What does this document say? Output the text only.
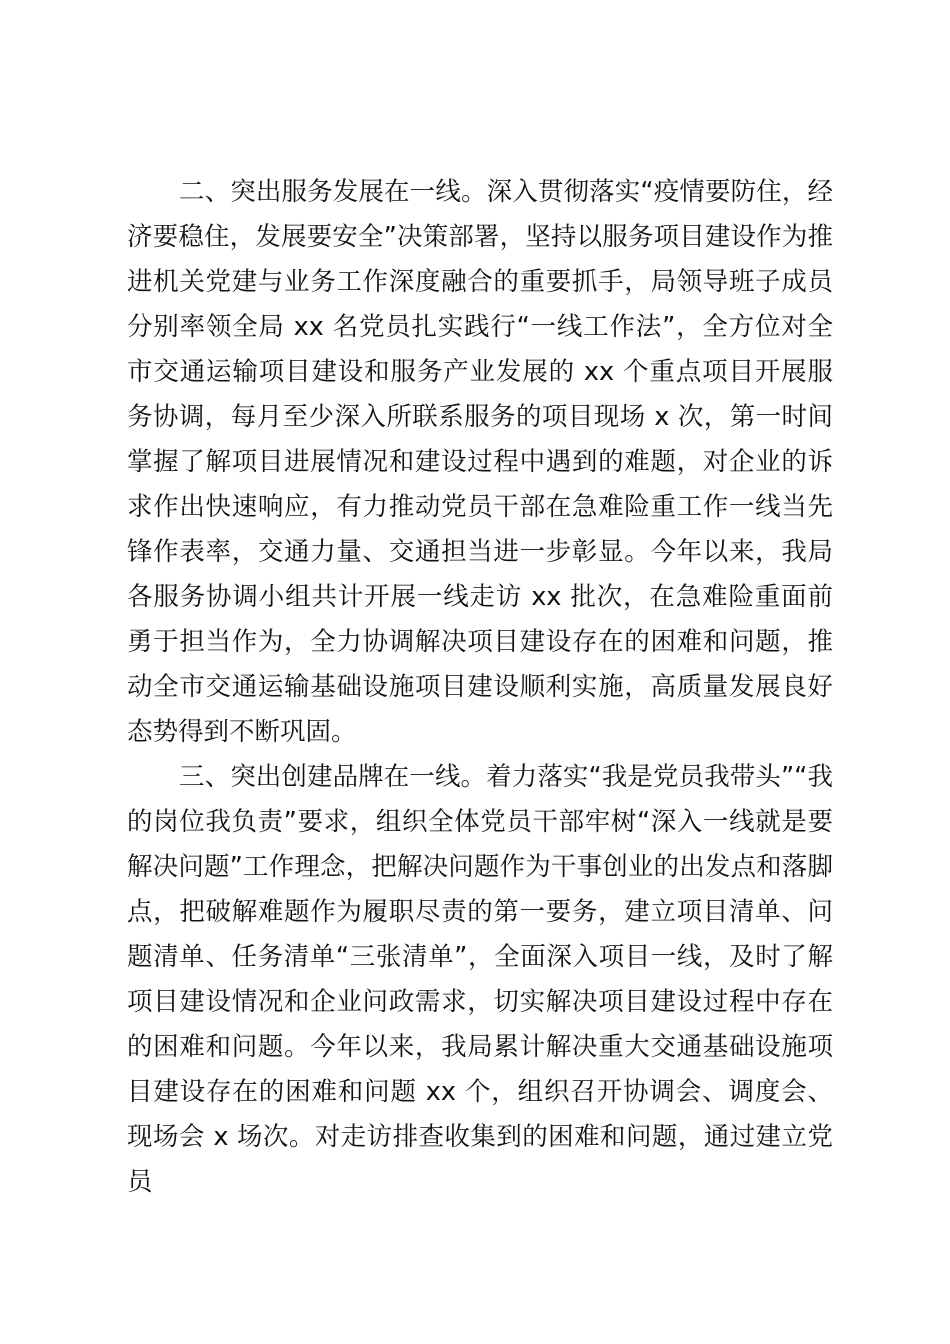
二、突出服务发展在一线。深入贯彻落实“疫情要防住，经济要稳住，发展要安全”决策部署，坚持以服务项目建设作为推进机关党建与业务工作深度融合的重要抓手，局领导班子成员分别率领全局 xx 名党员扎实践行“一线工作法”，全方位对全市交通运输项目建设和服务产业发展的 xx 个重点项目开展服务协调，每月至少深入所联系服务的项目现场 x 次，第一时间掌握了解项目进展情况和建设过程中遇到的难题，对企业的诉求作出快速响应，有力推动党员干部在急难险重工作一线当先锋作表率，交通力量、交通担当进一步彰显。今年以来，我局各服务协调小组共计开展一线走访 xx 批次，在急难险重面前勇于担当作为，全力协调解决项目建设存在的困难和问题，推动全市交通运输基础设施项目建设顺利实施，高质量发展良好态势得到不断巩固。

三、突出创建品牌在一线。着力落实“我是党员我带头”“我的岗位我负责”要求，组织全体党员干部牢树“深入一线就是要解决问题”工作理念，把解决问题作为干事创业的出发点和落脚点，把破解难题作为履职尽责的第一要务，建立项目清单、问题清单、任务清单“三张清单”，全面深入项目一线，及时了解项目建设情况和企业问政需求，切实解决项目建设过程中存在的困难和问题。今年以来，我局累计解决重大交通基础设施项目建设存在的困难和问题 xx 个，组织召开协调会、调度会、现场会 x 场次。对走访排查收集到的困难和问题，通过建立党员
